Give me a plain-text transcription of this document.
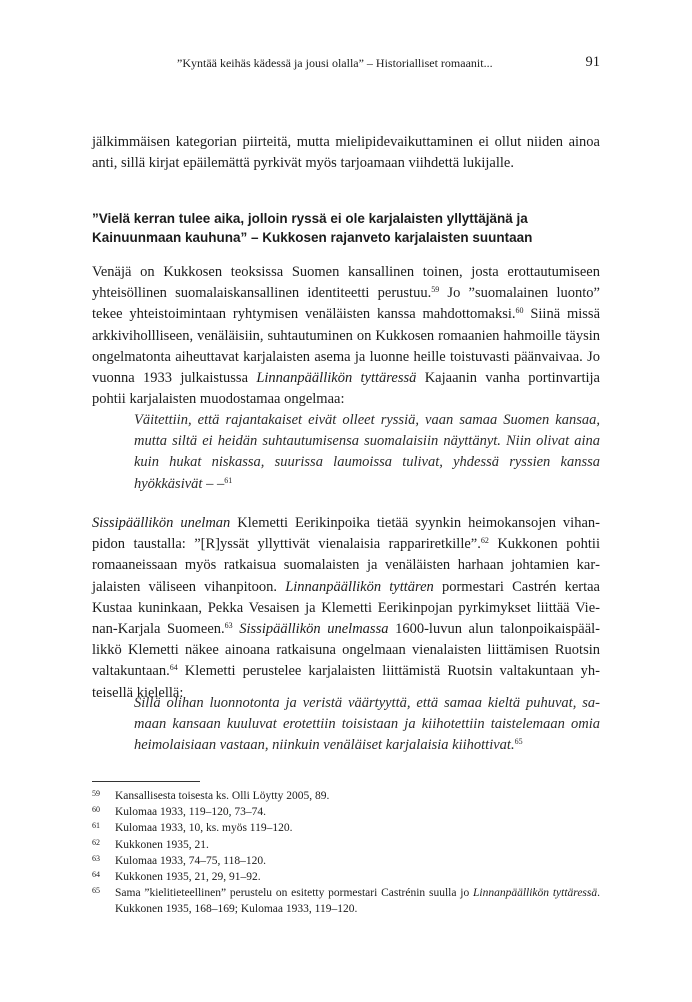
”Kyntää keihäs kädessä ja jousi olalla” – Historialliset romaanit...	91

jälkimmäisen kategorian piirteitä, mutta mielipidevaikuttaminen ei ollut niiden ainoa anti, sillä kirjat epäilemättä pyrkivät myös tarjoamaan viihdettä lukijalle.

”Vielä kerran tulee aika, jolloin ryssä ei ole karjalaisten yllyttäjänä ja
Kainuunmaan kauhuna” – Kukkosen rajanveto karjalaisten suuntaan

Venäjä on Kukkosen teoksissa Suomen kansallinen toinen, josta erottautumiseen yhteisöllinen suomalaiskansallinen identiteetti perustuu.$^{59}$ Jo ”suomalainen luonto” tekee yhteistoimintaan ryhtymisen venäläisten kanssa mahdottomaksi.$^{60}$ Siinä missä arkkivihollliseen, venäläisiin, suhtautuminen on Kukkosen romaanien hahmoille täysin ongelmatonta aiheuttavat karjalaisten asema ja luonne heille toistuvasti päänvaivaa. Jo vuonna 1933 julkaistussa Linnanpäällikön tyttäressä Kajaanin vanha portinvartija pohtii karjalaisten muodostamaa ongelmaa:

Väitettiin, että rajantakaiset eivät olleet ryssiä, vaan samaa Suomen kansaa, mutta siltä ei heidän suhtautumisensa suomalaisiin näyttänyt. Niin olivat aina kuin hukat niskassa, suurissa laumoissa tulivat, yhdessä ryssien kanssa hyökkäsivät – –$^{61}$

Sissipäällikön unelman Klemetti Eerikinpoika tietää syynkin heimokansojen vihanpidon taustalla: ”[R]yssät yllyttivät vienalaisia rappariretkille”.$^{62}$ Kukkonen pohtii romaaneissaan myös ratkaisua suomalaisten ja venäläisten harhaan johtamien karjalaisten väliseen vihanpitoon. Linnanpäällikön tyttären pormestari Castrén kertaa Kustaa kuninkaan, Pekka Vesaisen ja Klemetti Eerikinpojan pyrkimykset liittää Vienan-Karjala Suomeen.$^{63}$ Sissipäällikön unelmassa 1600-luvun alun talonpoikaispäällikkö Klemetti näkee ainoana ratkaisuna ongelmaan vienalaisten liittämisen Ruotsin valtakuntaan.$^{64}$ Klemetti perustelee karjalaisten liittämistä Ruotsin valtakuntaan yhteisellä kielellä:

Sillä olihan luonnotonta ja veristä väärtyyttä, että samaa kieltä puhuvat, samaan kansaan kuuluvat erotettiin toisistaan ja kiihotettiin taistelemaan omia heimolaisiaan vastaan, niinkuin venäläiset karjalaisia kiihottivat.$^{65}$
59 Kansallisesta toisesta ks. Olli Löytty 2005, 89.
60 Kulomaa 1933, 119–120, 73–74.
61 Kulomaa 1933, 10, ks. myös 119–120.
62 Kukkonen 1935, 21.
63 Kulomaa 1933, 74–75, 118–120.
64 Kukkonen 1935, 21, 29, 91–92.
65 Sama ”kielitieteellinen” perustelu on esitetty pormestari Castrénin suulla jo Linnanpäällikön tyttäressä. Kukkonen 1935, 168–169; Kulomaa 1933, 119–120.
